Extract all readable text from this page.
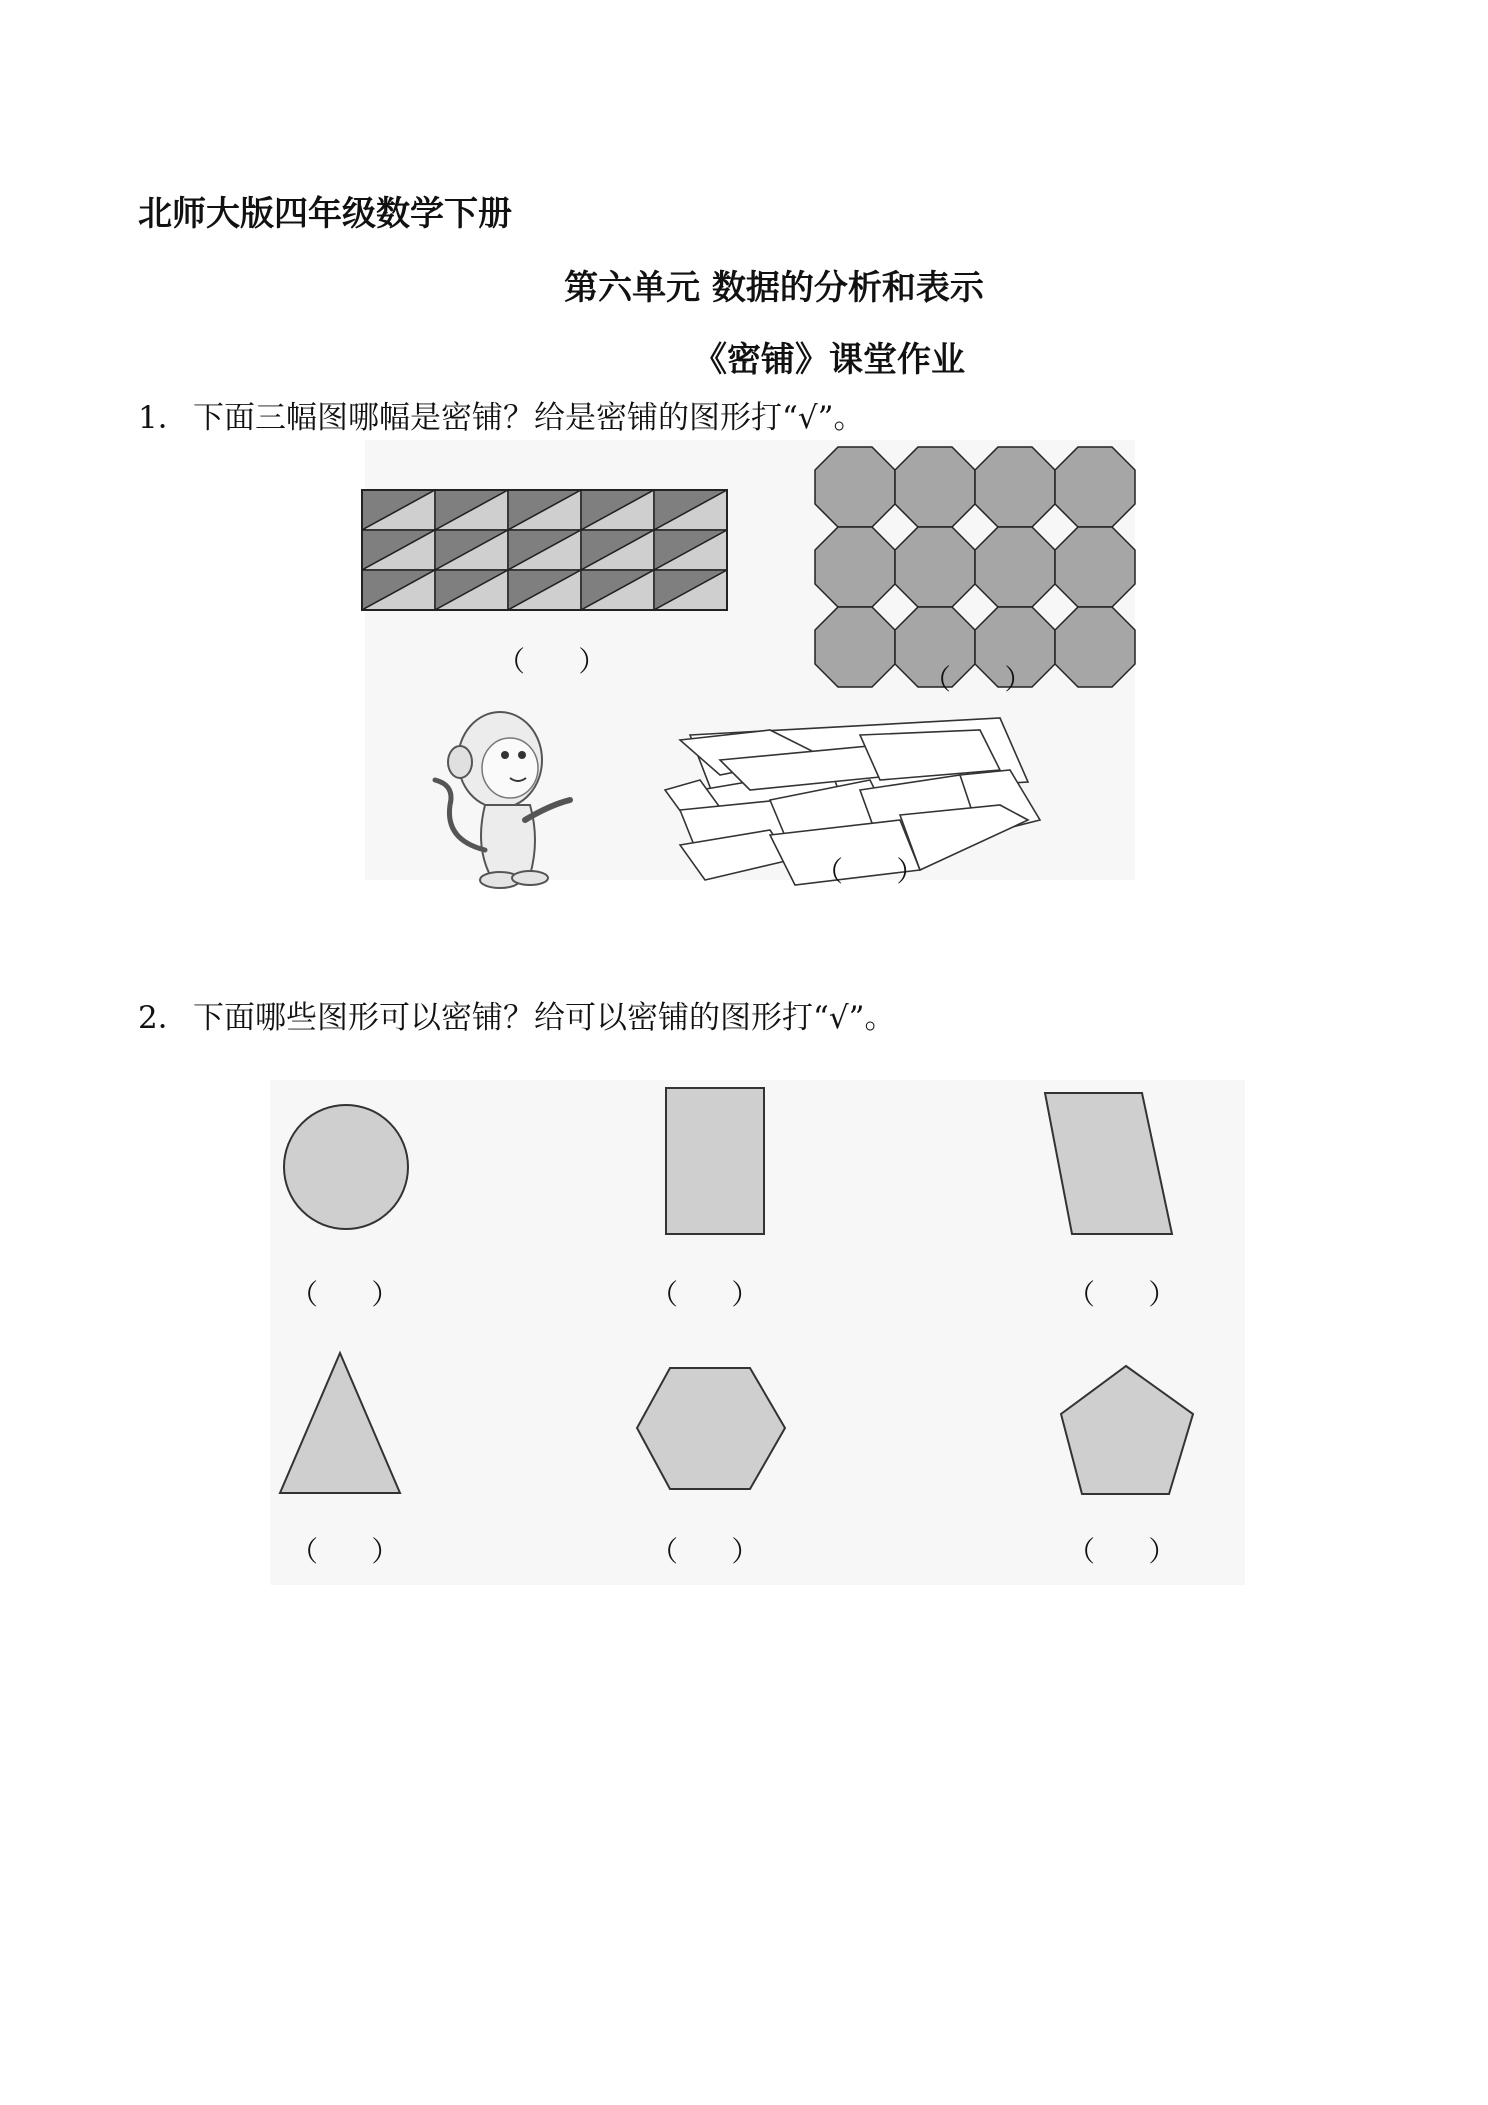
北师大版四年级数学下册
第六单元 数据的分析和表示
《密铺》课堂作业
1． 下面三幅图哪幅是密铺？给是密铺的图形打“√”。
（      ）
（      ）
（      ）
2． 下面哪些图形可以密铺？给可以密铺的图形打“√”。
（      ）	（      ）	（      ）
（      ）	（      ）	（      ）
